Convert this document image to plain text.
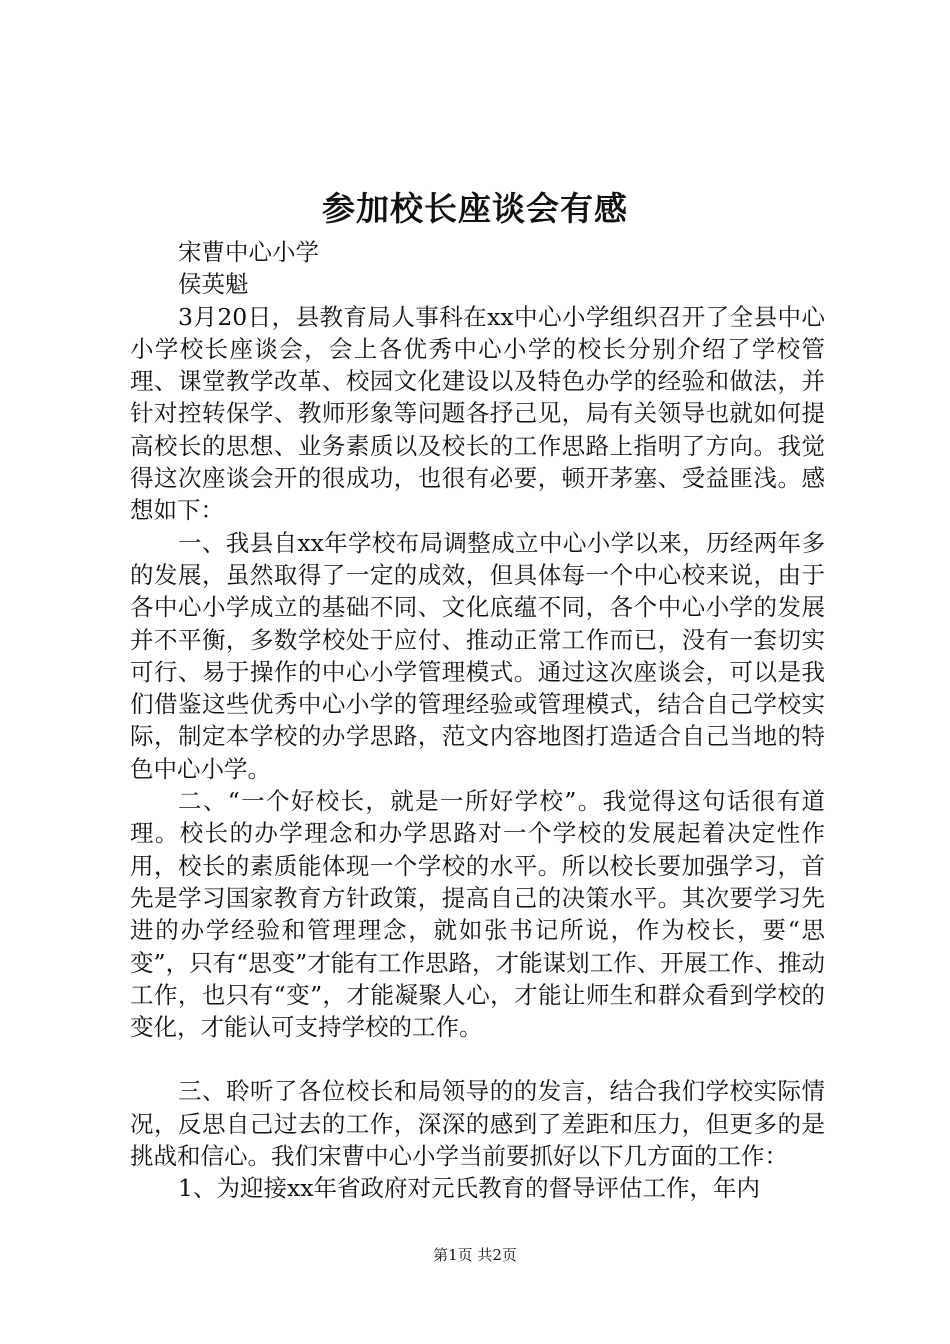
参加校长座谈会有感

宋曹中心小学

侯英魁

3月20日，县教育局人事科在xx中心小学组织召开了全县中心小学校长座谈会，会上各优秀中心小学的校长分别介绍了学校管理、课堂教学改革、校园文化建设以及特色办学的经验和做法，并针对控转保学、教师形象等问题各抒己见，局有关领导也就如何提高校长的思想、业务素质以及校长的工作思路上指明了方向。我觉得这次座谈会开的很成功，也很有必要，顿开茅塞、受益匪浅。感想如下：

一、我县自xx年学校布局调整成立中心小学以来，历经两年多的发展，虽然取得了一定的成效，但具体每一个中心校来说，由于各中心小学成立的基础不同、文化底蕴不同，各个中心小学的发展并不平衡，多数学校处于应付、推动正常工作而已，没有一套切实可行、易于操作的中心小学管理模式。通过这次座谈会，可以是我们借鉴这些优秀中心小学的管理经验或管理模式，结合自己学校实际，制定本学校的办学思路，范文内容地图打造适合自己当地的特色中心小学。

二、“一个好校长，就是一所好学校”。我觉得这句话很有道理。校长的办学理念和办学思路对一个学校的发展起着决定性作用，校长的素质能体现一个学校的水平。所以校长要加强学习，首先是学习国家教育方针政策，提高自己的决策水平。其次要学习先进的办学经验和管理理念，就如张书记所说，作为校长，要“思变”，只有“思变”才能有工作思路，才能谋划工作、开展工作、推动工作，也只有“变”，才能凝聚人心，才能让师生和群众看到学校的变化，才能认可支持学校的工作。

三、聆听了各位校长和局领导的的发言，结合我们学校实际情况，反思自己过去的工作，深深的感到了差距和压力，但更多的是挑战和信心。我们宋曹中心小学当前要抓好以下几方面的工作：

1、为迎接xx年省政府对元氏教育的督导评估工作，年内

第1页 共2页
